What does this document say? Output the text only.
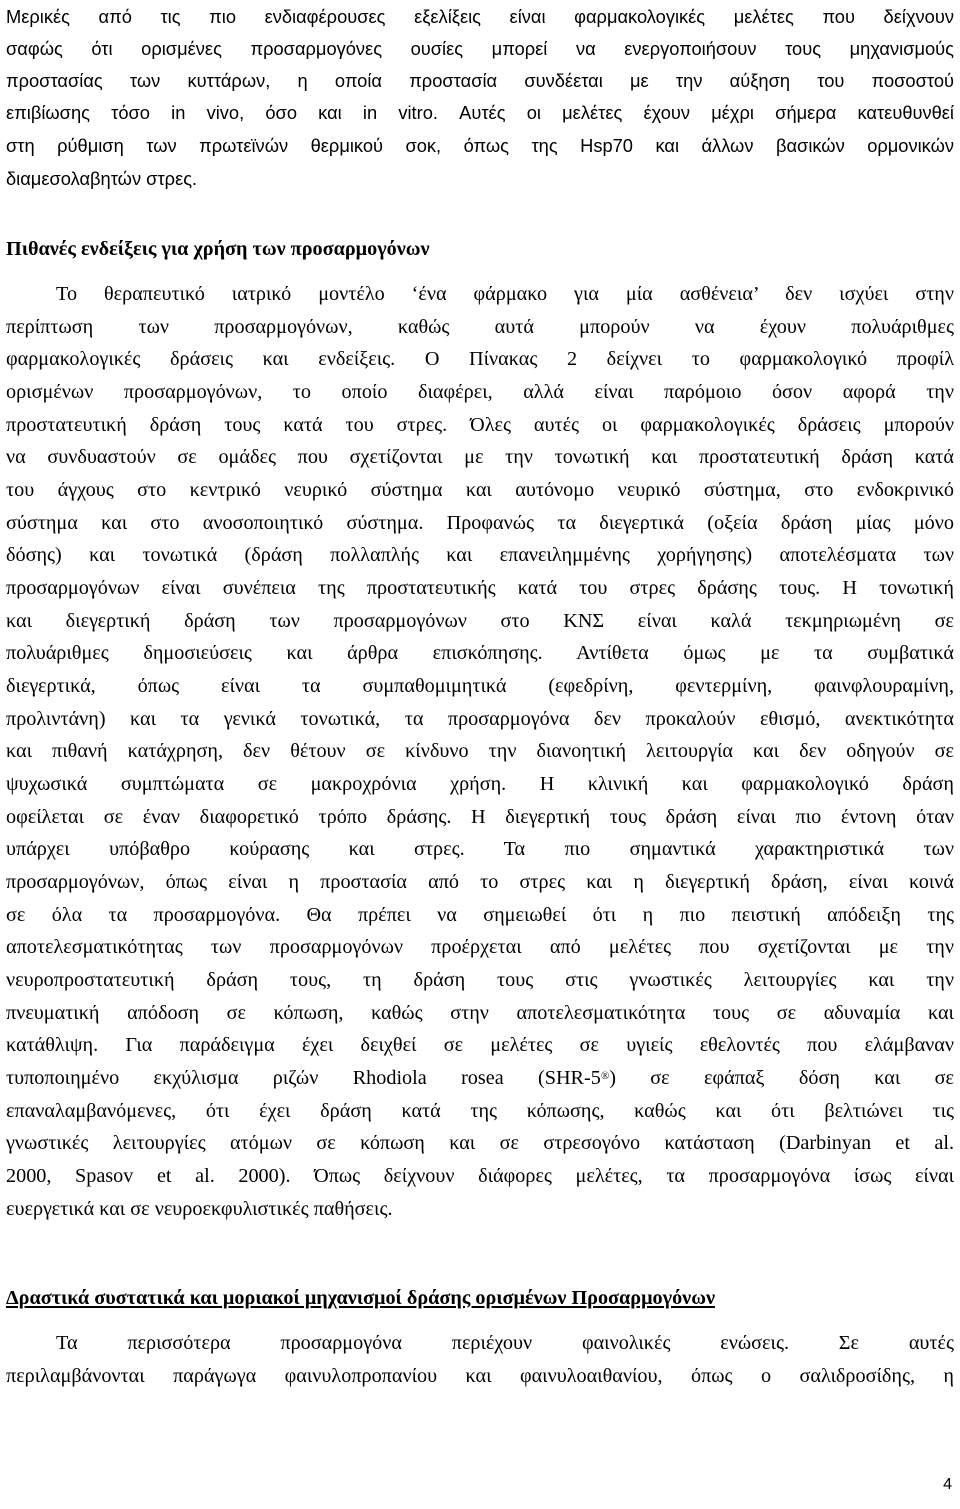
Μερικές από τις πιο ενδιαφέρουσες εξελίξεις είναι φαρμακολογικές μελέτες που δείχνουν
σαφώς ότι ορισμένες προσαρμογόνες ουσίες μπορεί να ενεργοποιήσουν τους μηχανισμούς
προστασίας των κυττάρων, η οποία προστασία συνδέεται με την αύξηση του ποσοστού
επιβίωσης τόσο in vivo, όσο και in vitro. Αυτές οι μελέτες έχουν μέχρι σήμερα κατευθυνθεί
στη ρύθμιση των πρωτεϊνών θερμικού σοκ, όπως της Hsp70 και άλλων βασικών ορμονικών
διαμεσολαβητών στρες.
Πιθανές ενδείξεις για χρήση των προσαρμογόνων
Το θεραπευτικό ιατρικό μοντέλο ‘ένα φάρμακο για μία ασθένεια’ δεν ισχύει στην
περίπτωση των προσαρμογόνων, καθώς αυτά μπορούν να έχουν πολυάριθμες
φαρμακολογικές δράσεις και ενδείξεις. Ο Πίνακας 2 δείχνει το φαρμακολογικό προφίλ
ορισμένων προσαρμογόνων, το οποίο διαφέρει, αλλά είναι παρόμοιο όσον αφορά την
προστατευτική δράση τους κατά του στρες. Όλες αυτές οι φαρμακολογικές δράσεις μπορούν
να συνδυαστούν σε ομάδες που σχετίζονται με την τονωτική και προστατευτική δράση κατά
του άγχους στο κεντρικό νευρικό σύστημα και αυτόνομο νευρικό σύστημα, στο ενδοκρινικό
σύστημα και στο ανοσοποιητικό σύστημα. Προφανώς τα διεγερτικά (οξεία δράση μίας μόνο
δόσης) και τονωτικά (δράση πολλαπλής και επανειλημμένης χορήγησης) αποτελέσματα των
προσαρμογόνων είναι συνέπεια της προστατευτικής κατά του στρες δράσης τους. Η τονωτική
και διεγερτική δράση των προσαρμογόνων στο ΚΝΣ είναι καλά τεκμηριωμένη σε
πολυάριθμες δημοσιεύσεις και άρθρα επισκόπησης. Αντίθετα όμως με τα συμβατικά
διεγερτικά, όπως είναι τα συμπαθομιμητικά (εφεδρίνη, φεντερμίνη, φαινφλουραμίνη,
προλιντάνη) και τα γενικά τονωτικά, τα προσαρμογόνα δεν προκαλούν εθισμό, ανεκτικότητα
και πιθανή κατάχρηση, δεν θέτουν σε κίνδυνο την διανοητική λειτουργία και δεν οδηγούν σε
ψυχωσικά συμπτώματα σε μακροχρόνια χρήση. Η κλινική και φαρμακολογικό δράση
οφείλεται σε έναν διαφορετικό τρόπο δράσης. Η διεγερτική τους δράση είναι πιο έντονη όταν
υπάρχει υπόβαθρο κούρασης και στρες. Τα πιο σημαντικά χαρακτηριστικά των
προσαρμογόνων, όπως είναι η προστασία από το στρες και η διεγερτική δράση, είναι κοινά
σε όλα τα προσαρμογόνα. Θα πρέπει να σημειωθεί ότι η πιο πειστική απόδειξη της
αποτελεσματικότητας των προσαρμογόνων προέρχεται από μελέτες που σχετίζονται με την
νευροπροστατευτική δράση τους, τη δράση τους στις γνωστικές λειτουργίες και την
πνευματική απόδοση σε κόπωση, καθώς στην αποτελεσματικότητα τους σε αδυναμία και
κατάθλιψη. Για παράδειγμα έχει δειχθεί σε μελέτες σε υγιείς εθελοντές που ελάμβαναν
τυποποιημένο εκχύλισμα ριζών Rhodiola rosea (SHR-5®) σε εφάπαξ δόση και σε
επαναλαμβανόμενες, ότι έχει δράση κατά της κόπωσης, καθώς και ότι βελτιώνει τις
γνωστικές λειτουργίες ατόμων σε κόπωση και σε στρεσογόνο κατάσταση (Darbinyan et al.
2000, Spasov et al. 2000). Όπως δείχνουν διάφορες μελέτες, τα προσαρμογόνα ίσως είναι
ευεργετικά και σε νευροεκφυλιστικές παθήσεις.
Δραστικά συστατικά και μοριακοί μηχανισμοί δράσης ορισμένων Προσαρμογόνων
Τα περισσότερα προσαρμογόνα περιέχουν φαινολικές ενώσεις. Σε αυτές
περιλαμβάνονται παράγωγα φαινυλοπροπανίου και φαινυλοαιθανίου, όπως ο σαλιδροσίδης, η
4
